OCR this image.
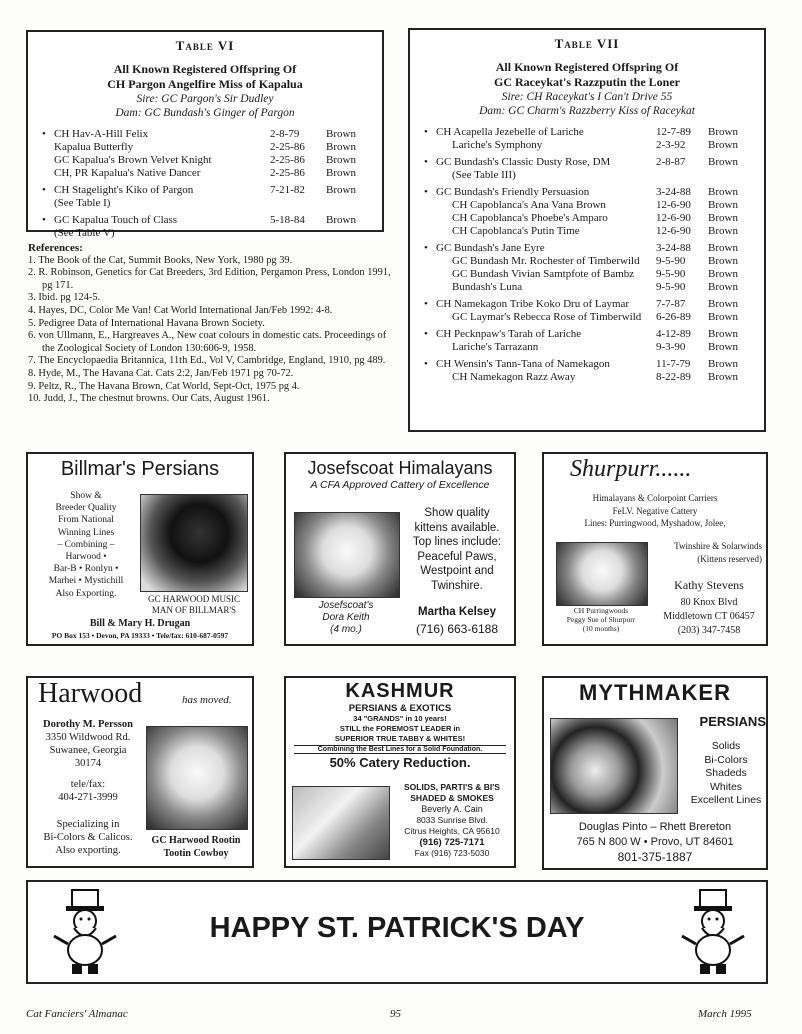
Table VI
All Known Registered Offspring Of
CH Pargon Angelfire Miss of Kapalua
Sire: GC Pargon's Sir Dudley
Dam: GC Bundash's Ginger of Pargon
• CH Hav-A-Hill Felix	2-8-79 Brown
Kapalua Butterfly	2-25-86 Brown
GC Kapalua's Brown Velvet Knight	2-25-86 Brown
CH, PR Kapalua's Native Dancer	2-25-86 Brown
• CH Stagelight's Kiko of Pargon	7-21-82 Brown
(See Table I)
• GC Kapalua Touch of Class	5-18-84 Brown
(See Table V)
Table VII
All Known Registered Offspring Of
GC Raceykat's Razzputin the Loner
Sire: CH Raceykat's I Can't Drive 55
Dam: GC Charm's Razzberry Kiss of Raceykat
• CH Acapella Jezebelle of Lariche	12-7-89 Brown
Lariche's Symphony	2-3-92 Brown
• GC Bundash's Classic Dusty Rose, DM	2-8-87 Brown
(See Table III)
• GC Bundash's Friendly Persuasion	3-24-88 Brown
CH Capoblanca's Ana Vana Brown	12-6-90 Brown
CH Capoblanca's Phoebe's Amparo	12-6-90 Brown
CH Capoblanca's Putin Time	12-6-90 Brown
• GC Bundash's Jane Eyre	3-24-88 Brown
GC Bundash Mr. Rochester of Timberwild 9-5-90 Brown
GC Bundash Vivian Samtpfote of Bambz 9-5-90 Brown
Bundash's Luna	9-5-90 Brown
• CH Namekagon Tribe Koko Dru of Laymar 7-7-87 Brown
GC Laymar's Rebecca Rose of Timberwild 6-26-89 Brown
• CH Pecknpaw's Tarah of Lariche	4-12-89 Brown
Lariche's Tarrazann	9-3-90 Brown
• CH Wensin's Tann-Tana of Namekagon	11-7-79 Brown
CH Namekagon Razz Away	8-22-89 Brown
References:
1. The Book of the Cat, Summit Books, New York, 1980 pg 39.
2. R. Robinson, Genetics for Cat Breeders, 3rd Edition, Pergamon Press, London 1991, pg 171.
3. Ibid. pg 124-5.
4. Hayes, DC, Color Me Van! Cat World International Jan/Feb 1992: 4-8.
5. Pedigree Data of International Havana Brown Society.
6. von Ullmann, E., Hargreaves A., New coat colours in domestic cats. Proceedings of the Zoological Society of London 130:606-9, 1958.
7. The Encyclopaedia Britannica, 11th Ed., Vol V, Cambridge, England, 1910, pg 489.
8. Hyde, M., The Havana Cat. Cats 2:2, Jan/Feb 1971 pg 70-72.
9. Peltz, R., The Havana Brown, Cat World, Sept-Oct, 1975 pg 4.
10. Judd, J., The chestnut browns. Our Cats, August 1961.
Billmar's Persians
Show &
Breeder Quality
From National
Winning Lines
– Combining –
Harwood •
Bar-B • Ronlyn •
Marhei • Mystichill
Also Exporting.
GC HARWOOD MUSIC
MAN OF BILLMAR'S
Bill & Mary H. Drugan
PO Box 153 • Devon, PA 19333 • Tele/fax: 610-687-0597
Josefscoat Himalayans
A CFA Approved Cattery of Excellence
Josefscoat's
Dora Keith
(4 mo.)
Show quality
kittens available.
Top lines include:
Peaceful Paws,
Westpoint and
Twinshire.
Martha Kelsey
(716) 663-6188
Shurpurr......
Himalayans & Colorpoint Carriers
FeLV. Negative Cattery
Lines: Purringwood, Myshadow, Jolee,
Twinshire & Solarwinds
(Kittens reserved)
CH Purringwoods
Peggy Sue of Shurpurr
(10 months)
Kathy Stevens
80 Knox Blvd
Middletown CT 06457
(203) 347-7458
Harwood	has moved.
Dorothy M. Persson
3350 Wildwood Rd.
Suwanee, Georgia
30174
tele/fax:
404-271-3999
Specializing in
Bi-Colors & Calicos.
Also exporting.
GC Harwood Rootin
Tootin Cowboy
KASHMUR
PERSIANS & EXOTICS
34 "GRANDS" in 10 years!
STILL the FOREMOST LEADER in
SUPERIOR TRUE TABBY & WHITES!
Combining the Best Lines for a Solid Foundation.
50% Catery Reduction.
SOLIDS, PARTI'S & BI'S
SHADED & SMOKES
Beverly A. Cain
8033 Sunrise Blvd.
Citrus Heights, CA 95610
(916) 725-7171
Fax (916) 723-5030
MYTHMAKER
PERSIANS
Solids
Bi-Colors
Shadeds
Whites
Excellent Lines
Douglas Pinto – Rhett Brereton
765 N 800 W • Provo, UT 84601
801-375-1887
HAPPY ST. PATRICK'S DAY
Cat Fanciers' Almanac	95	March 1995
